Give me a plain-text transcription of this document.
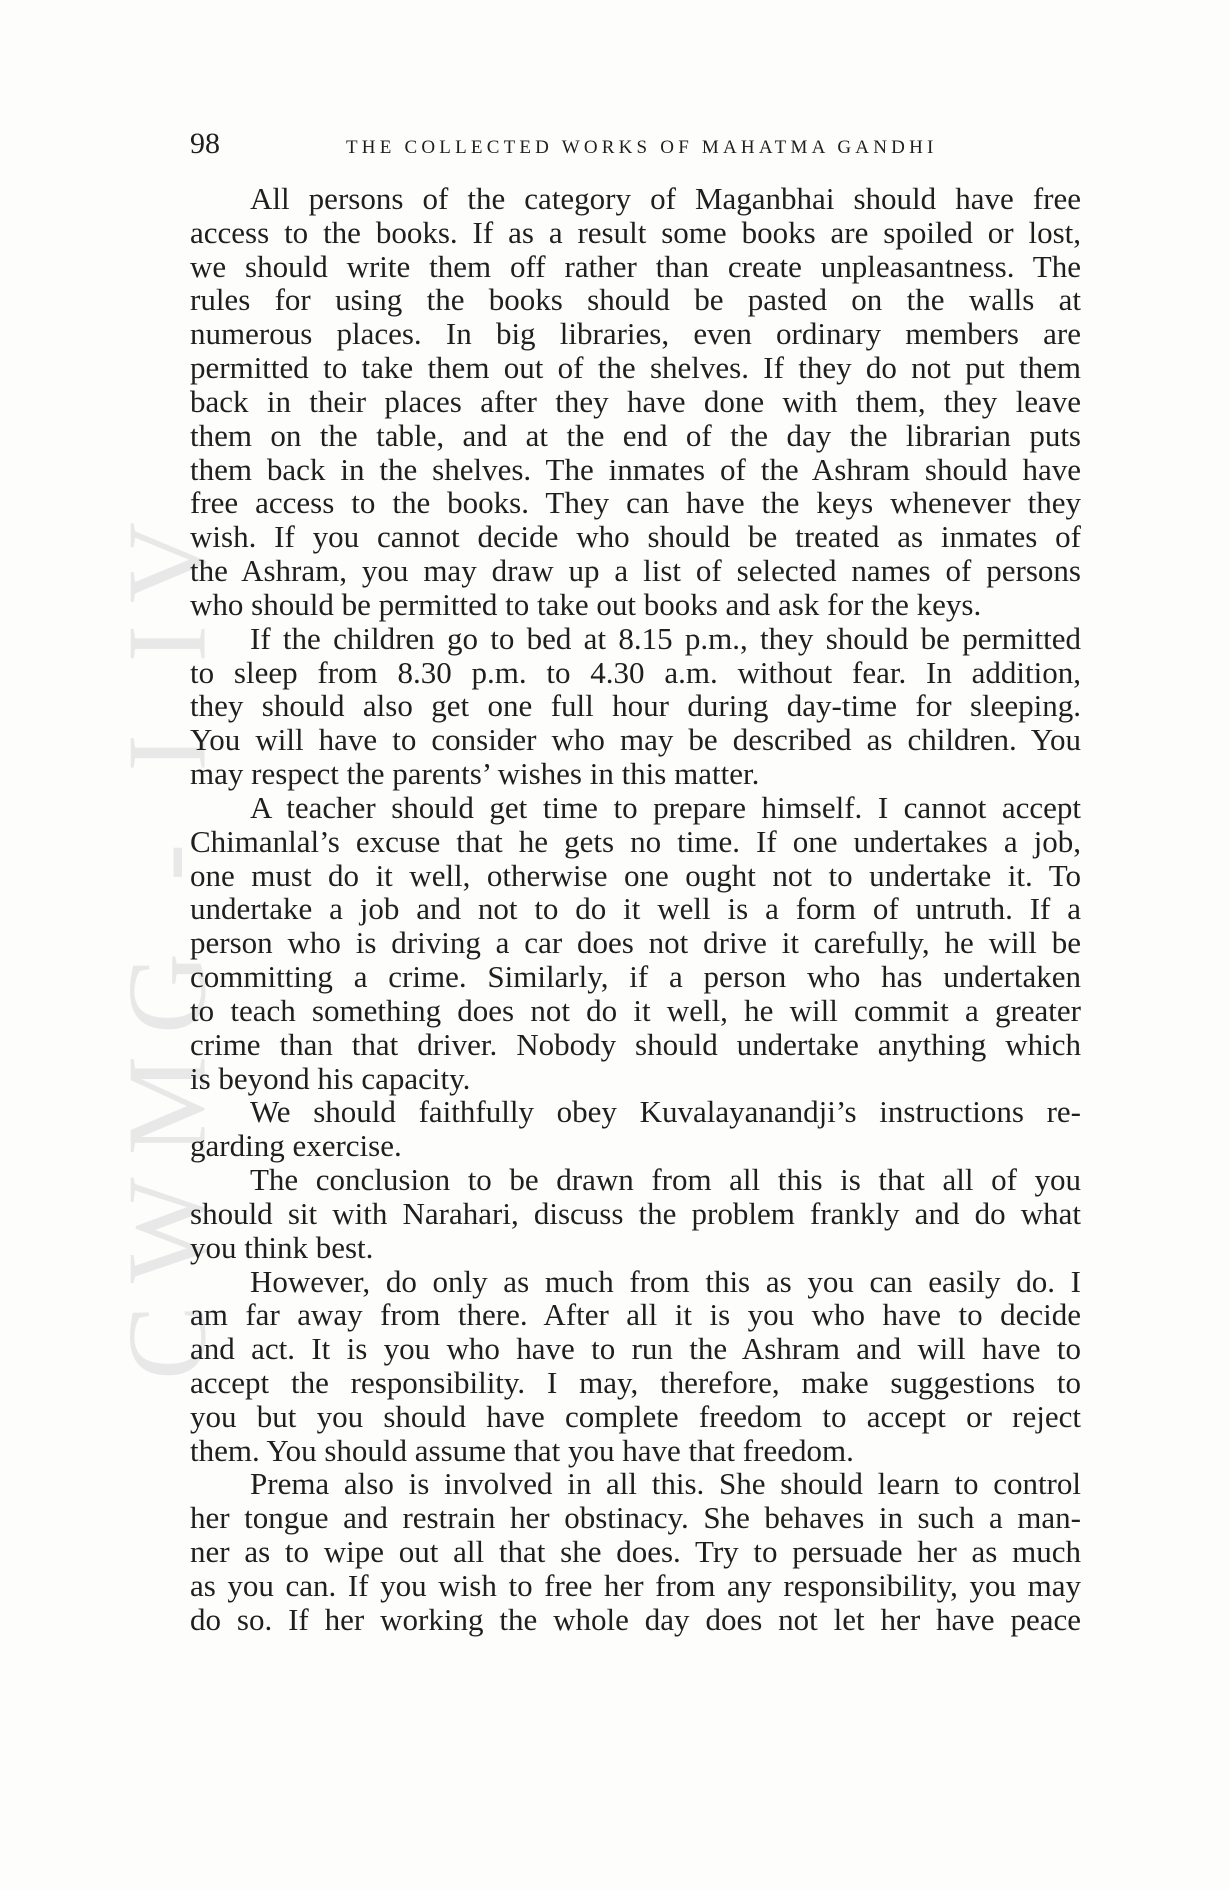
CWMG - I IV
98	THE COLLECTED WORKS OF MAHATMA GANDHI
All persons of the category of Maganbhai should have free
access to the books. If as a result some books are spoiled or lost,
we should write them off rather than create unpleasantness. The
rules for using the books should be pasted on the walls at
numerous places. In big libraries, even ordinary members are
permitted to take them out of the shelves. If they do not put them
back in their places after they have done with them, they leave
them on the table, and at the end of the day the librarian puts
them back in the shelves. The inmates of the Ashram should have
free access to the books. They can have the keys whenever they
wish. If you cannot decide who should be treated as inmates of
the Ashram, you may draw up a list of selected names of persons
who should be permitted to take out books and ask for the keys.
If the children go to bed at 8.15 p.m., they should be permitted
to sleep from 8.30 p.m. to 4.30 a.m. without fear. In addition,
they should also get one full hour during day-time for sleeping.
You will have to consider who may be described as children. You
may respect the parents’ wishes in this matter.
A teacher should get time to prepare himself. I cannot accept
Chimanlal’s excuse that he gets no time. If one undertakes a job,
one must do it well, otherwise one ought not to undertake it. To
undertake a job and not to do it well is a form of untruth. If a
person who is driving a car does not drive it carefully, he will be
committing a crime. Similarly, if a person who has undertaken
to teach something does not do it well, he will commit a greater
crime than that driver. Nobody should undertake anything which
is beyond his capacity.
We should faithfully obey Kuvalayanandji’s instructions re-
garding exercise.
The conclusion to be drawn from all this is that all of you
should sit with Narahari, discuss the problem frankly and do what
you think best.
However, do only as much from this as you can easily do. I
am far away from there. After all it is you who have to decide
and act. It is you who have to run the Ashram and will have to
accept the responsibility. I may, therefore, make suggestions to
you but you should have complete freedom to accept or reject
them. You should assume that you have that freedom.
Prema also is involved in all this. She should learn to control
her tongue and restrain her obstinacy. She behaves in such a man-
ner as to wipe out all that she does. Try to persuade her as much
as you can. If you wish to free her from any responsibility, you may
do so. If her working the whole day does not let her have peace
